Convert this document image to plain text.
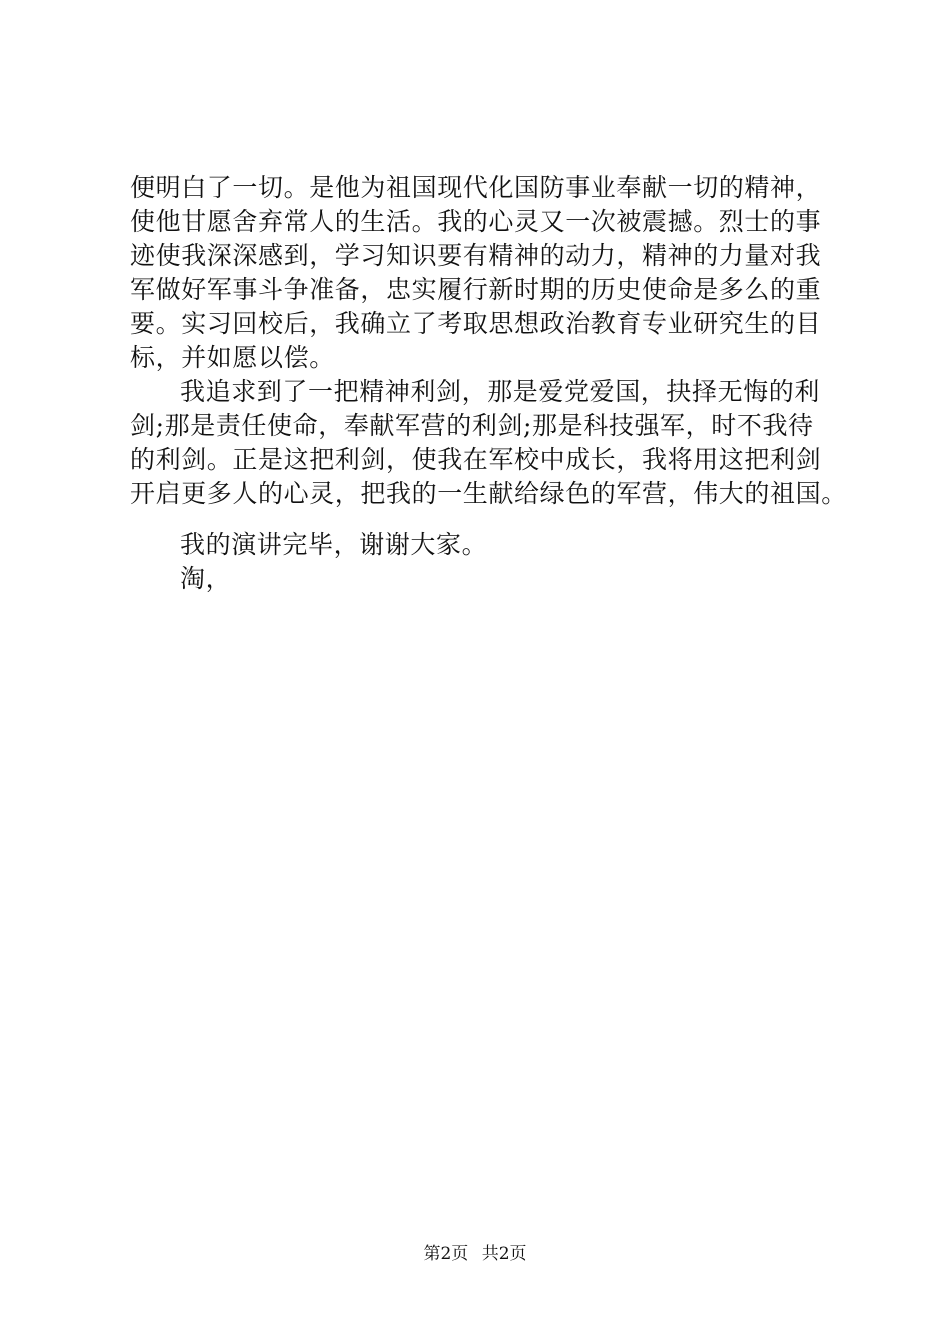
便明白了一切。是他为祖国现代化国防事业奉献一切的精神，
使他甘愿舍弃常人的生活。我的心灵又一次被震撼。烈士的事
迹使我深深感到，学习知识要有精神的动力，精神的力量对我
军做好军事斗争准备，忠实履行新时期的历史使命是多么的重
要。实习回校后，我确立了考取思想政治教育专业研究生的目
标，并如愿以偿。
我追求到了一把精神利剑，那是爱党爱国，抉择无悔的利
剑;那是责任使命，奉献军营的利剑;那是科技强军，时不我待
的利剑。正是这把利剑，使我在军校中成长，我将用这把利剑
开启更多人的心灵，把我的一生献给绿色的军营，伟大的祖国。
我的演讲完毕，谢谢大家。
淘，
第2页 共2页
